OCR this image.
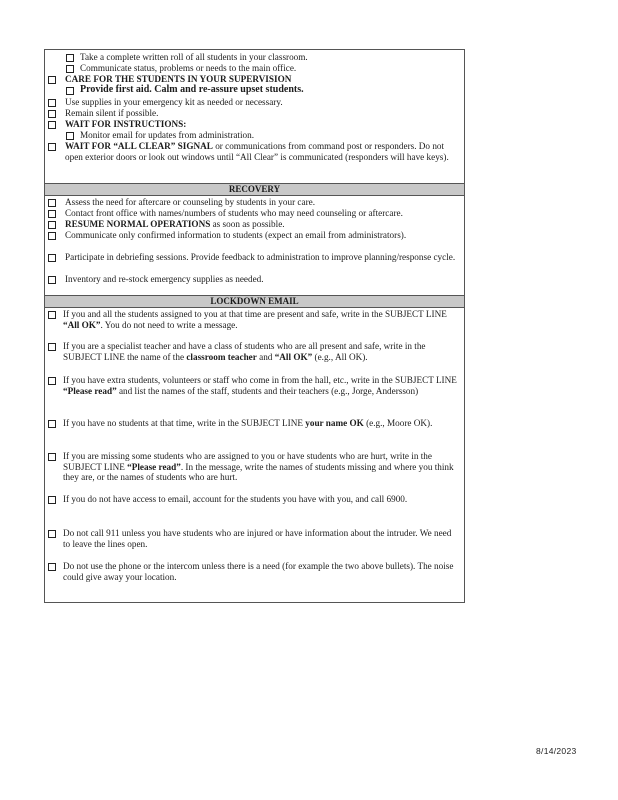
Take a complete written roll of all students in your classroom.
Communicate status, problems or needs to the main office.
CARE FOR THE STUDENTS IN YOUR SUPERVISION
Provide first aid. Calm and re-assure upset students.
Use supplies in your emergency kit as needed or necessary.
Remain silent if possible.
WAIT FOR INSTRUCTIONS:
Monitor email for updates from administration.
WAIT FOR “ALL CLEAR” SIGNAL or communications from command post or responders. Do not open exterior doors or look out windows until “All Clear” is communicated (responders will have keys).
RECOVERY
Assess the need for aftercare or counseling by students in your care.
Contact front office with names/numbers of students who may need counseling or aftercare.
RESUME NORMAL OPERATIONS as soon as possible.
Communicate only confirmed information to students (expect an email from administrators).
Participate in debriefing sessions. Provide feedback to administration to improve planning/response cycle.
Inventory and re-stock emergency supplies as needed.
LOCKDOWN EMAIL
If you and all the students assigned to you at that time are present and safe, write in the SUBJECT LINE “All OK”. You do not need to write a message.
If you are a specialist teacher and have a class of students who are all present and safe, write in the SUBJECT LINE the name of the classroom teacher and “All OK” (e.g., All OK).
If you have extra students, volunteers or staff who come in from the hall, etc., write in the SUBJECT LINE “Please read” and list the names of the staff, students and their teachers (e.g., Jorge, Andersson)
If you have no students at that time, write in the SUBJECT LINE your name OK (e.g., Moore OK).
If you are missing some students who are assigned to you or have students who are hurt, write in the SUBJECT LINE “Please read”. In the message, write the names of students missing and where you think they are, or the names of students who are hurt.
If you do not have access to email, account for the students you have with you, and call 6900.
Do not call 911 unless you have students who are injured or have information about the intruder. We need to leave the lines open.
Do not use the phone or the intercom unless there is a need (for example the two above bullets). The noise could give away your location.
8/14/2023
